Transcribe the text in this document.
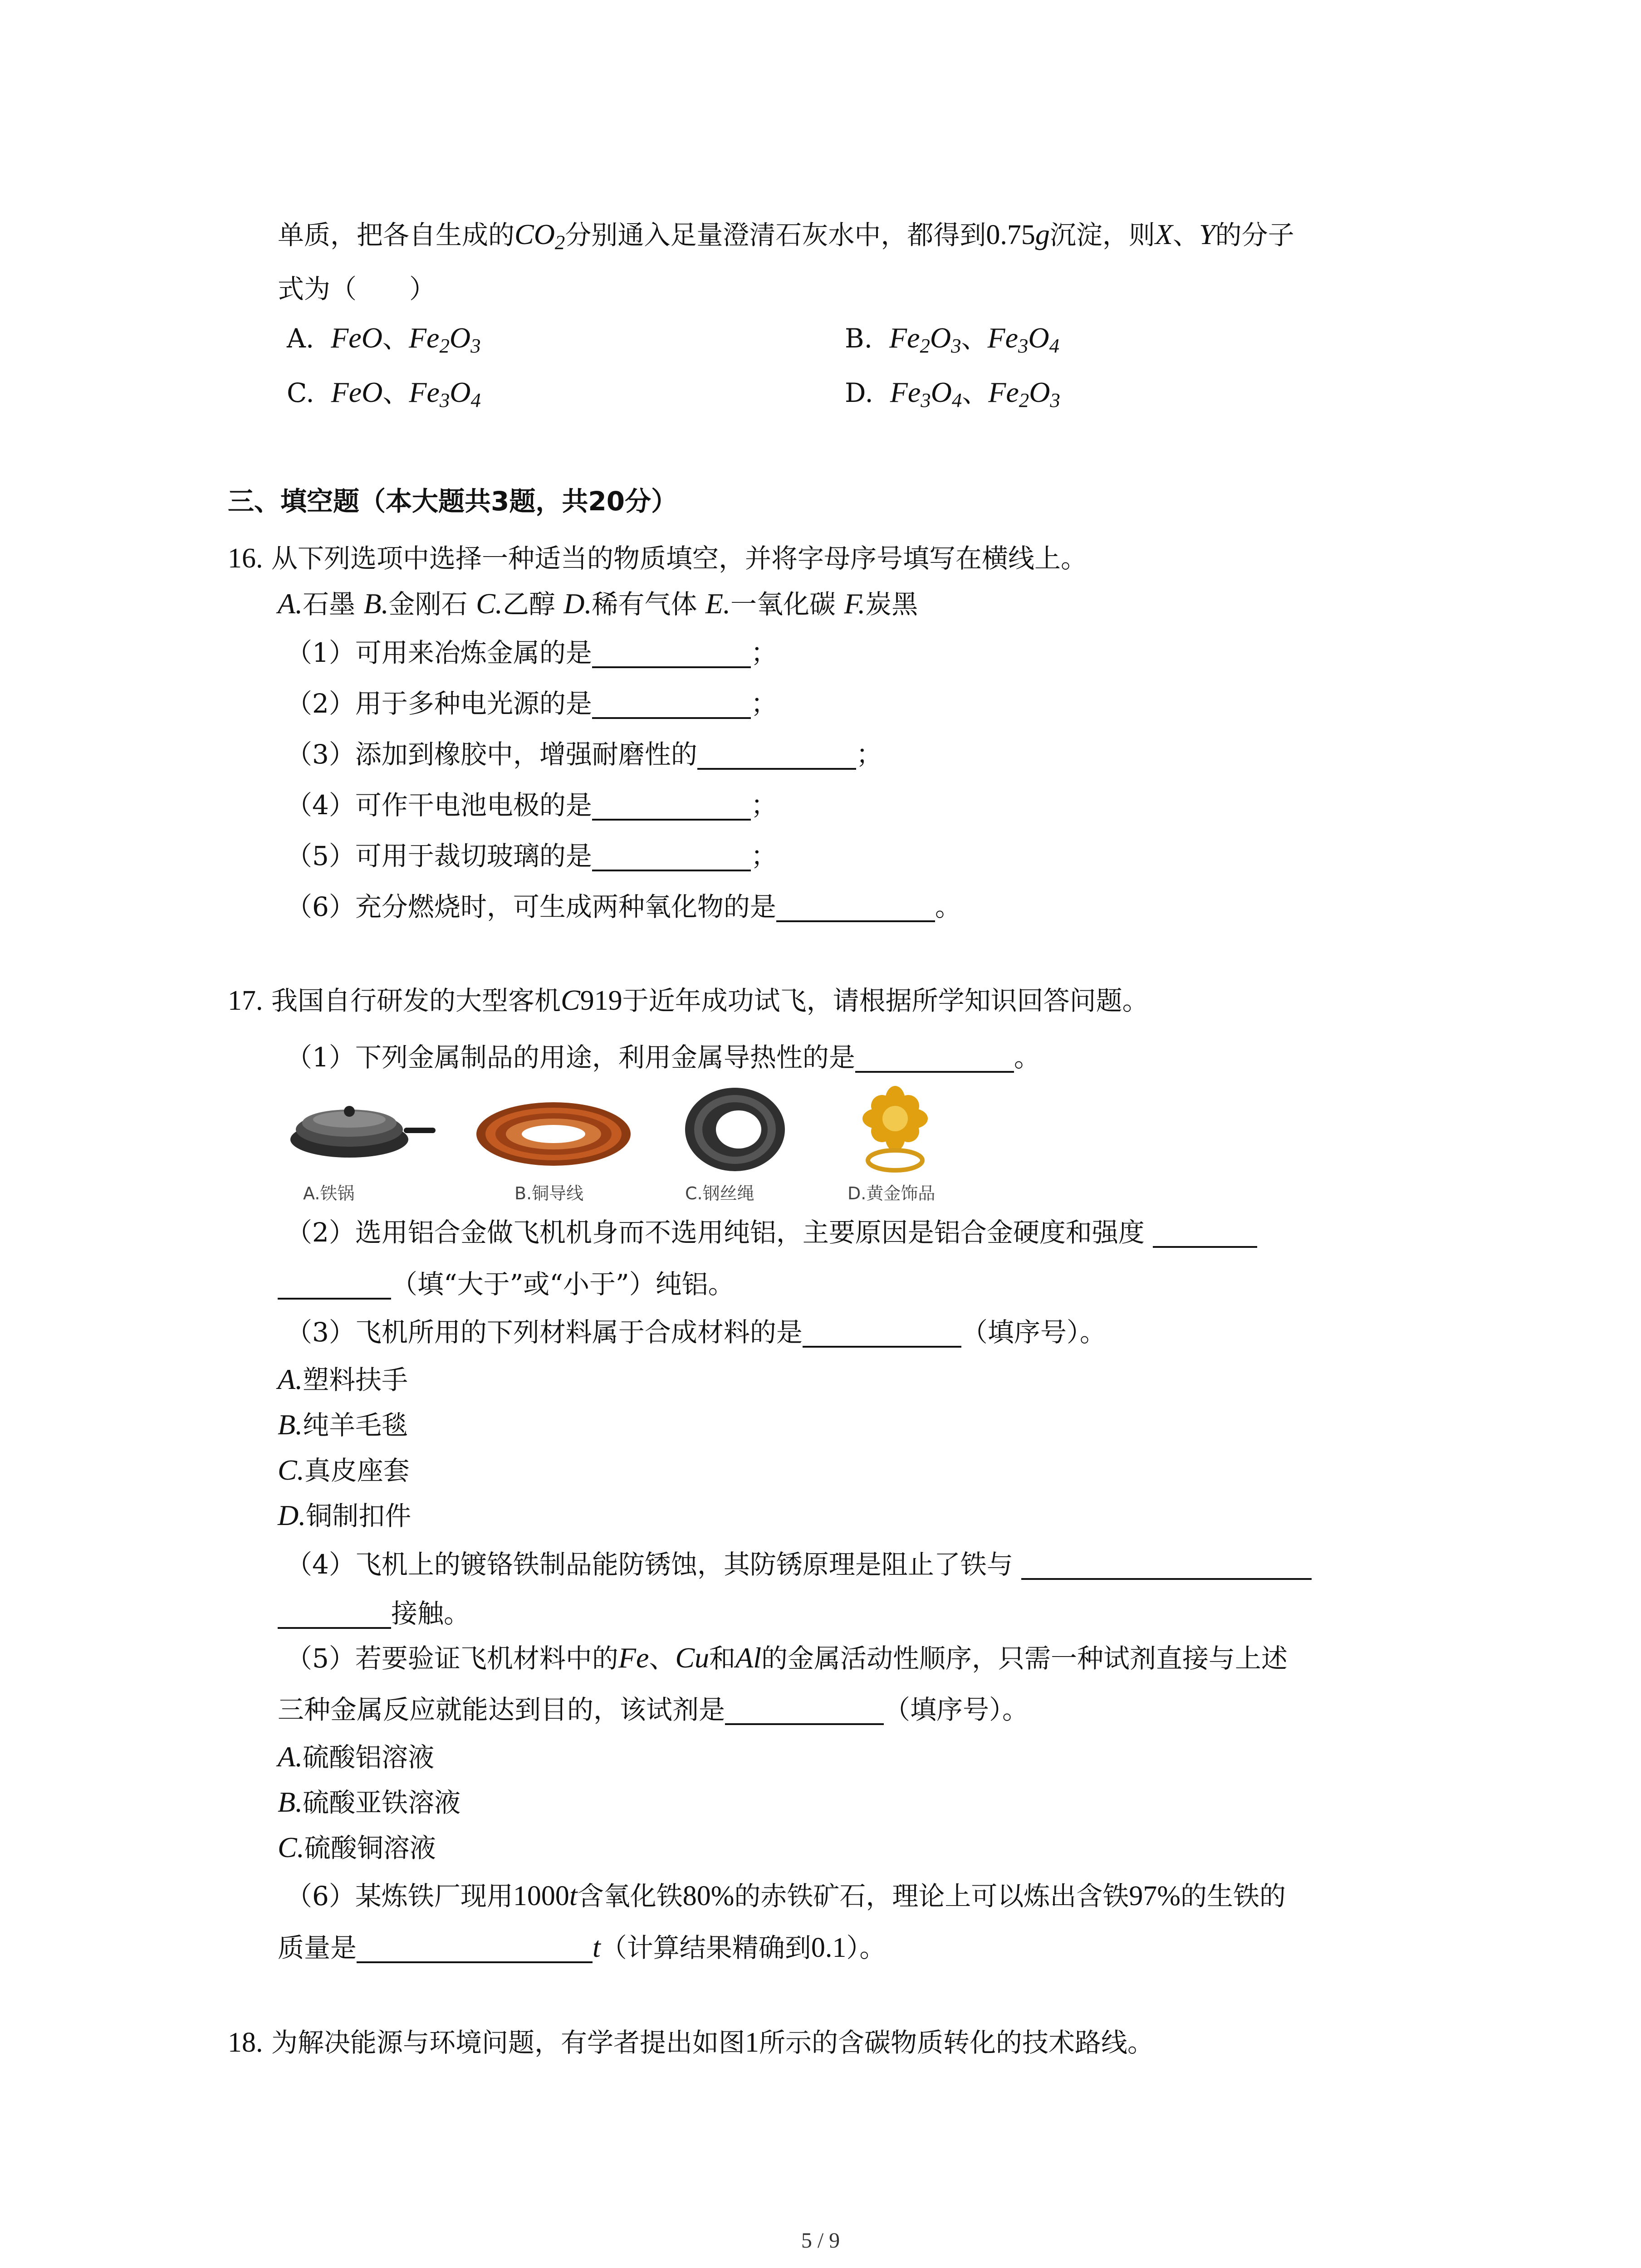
单质，把各自生成的$CO_2$分别通入足量澄清石灰水中，都得到0.75g沉淀，则X、Y的分子
式为（　　）
A. FeO、$Fe_2O_3$	B. $Fe_2O_3$、$Fe_3O_4$
C. FeO、$Fe_3O_4$	D. $Fe_3O_4$、$Fe_2O_3$
三、填空题（本大题共3题，共20分）
16. 从下列选项中选择一种适当的物质填空，并将字母序号填写在横线上。
A.石墨 B.金刚石 C.乙醇 D.稀有气体 E.一氧化碳 F.炭黑
（1）可用来冶炼金属的是	；
（2）用于多种电光源的是	；
（3）添加到橡胶中，增强耐磨性的	；
（4）可作干电池电极的是	；
（5）可用于裁切玻璃的是	；
（6）充分燃烧时，可生成两种氧化物的是	。
17. 我国自行研发的大型客机C919于近年成功试飞，请根据所学知识回答问题。
（1）下列金属制品的用途，利用金属导热性的是	。
A.铁锅	B.铜导线	C.钢丝绳	D.黄金饰品
（2）选用铝合金做飞机机身而不选用纯铝，主要原因是铝合金硬度和强度
（填“大于”或“小于”）纯铝。
（3）飞机所用的下列材料属于合成材料的是	（填序号）。
A.塑料扶手
B.纯羊毛毯
C.真皮座套
D.铜制扣件
（4）飞机上的镀铬铁制品能防锈蚀，其防锈原理是阻止了铁与
接触。
（5）若要验证飞机材料中的Fe、Cu和Al的金属活动性顺序，只需一种试剂直接与上述
三种金属反应就能达到目的，该试剂是	（填序号）。
A.硫酸铝溶液
B.硫酸亚铁溶液
C.硫酸铜溶液
（6）某炼铁厂现用1000t含氧化铁80%的赤铁矿石，理论上可以炼出含铁97%的生铁的
质量是	t（计算结果精确到0.1）。
18. 为解决能源与环境问题，有学者提出如图1所示的含碳物质转化的技术路线。
5 / 9
